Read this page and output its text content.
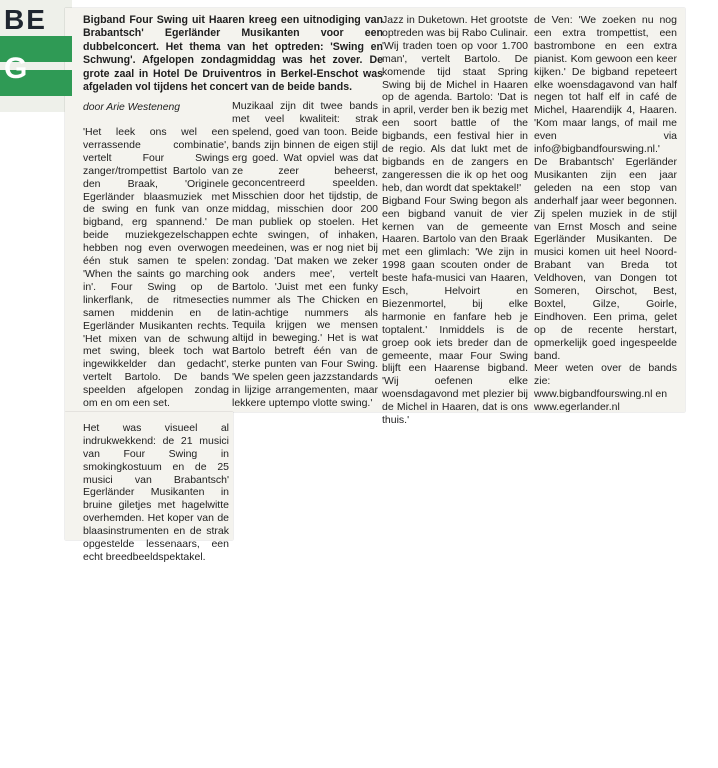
BE
G

Bigband Four Swing uit Haaren kreeg een uitnodiging van Brabantsch' Egerländer Musikanten voor een dubbelconcert. Het thema van het optreden: 'Swing en Schwung'. Afgelopen zondagmiddag was het zover. De grote zaal in Hotel De Druiventros in Berkel-Enschot was afgeladen vol tijdens het concert van de beide bands.

door Arie Westeneng

'Het leek ons wel een verrassende combinatie', vertelt Four Swings zanger/trompettist Bartolo van den Braak, 'Originele Egerländer blaasmuziek met de swing en funk van onze bigband, erg spannend.' De beide muziekgezelschappen hebben nog even overwogen één stuk samen te spelen: 'When the saints go marching in'. Four Swing op de linkerflank, de ritmesecties samen middenin en de Egerländer Musikanten rechts. 'Het mixen van de schwung met swing, bleek toch wat ingewikkelder dan gedacht', vertelt Bartolo. De bands speelden afgelopen zondag om en om een set.

Het was visueel al indrukwekkend: de 21 musici van Four Swing in smokingkostuum en de 25 musici van Brabantsch' Egerländer Musikanten in bruine giletjes met hagelwitte overhemden. Het koper van de blaasinstrumenten en de strak opgestelde lessenaars, een echt breedbeeldspektakel.

Muzikaal zijn dit twee bands met veel kwaliteit: strak spelend, goed van toon. Beide bands zijn binnen de eigen stijl erg goed. Wat opviel was dat ze zeer beheerst, geconcentreerd speelden. Misschien door het tijdstip, de middag, misschien door 200 man publiek op stoelen. Het echte swingen, of inhaken, meedeinen, was er nog niet bij zondag. 'Dat maken we zeker ook anders mee', vertelt Bartolo. 'Juist met een funky nummer als The Chicken en latin-achtige nummers als Tequila krijgen we mensen altijd in beweging.' Het is wat Bartolo betreft één van de sterke punten van Four Swing. 'We spelen geen jazzstandards in lijzige arrangementen, maar lekkere uptempo vlotte swing.'

Jazz in Duketown. Het grootste optreden was bij Rabo Culinair. 'Wij traden toen op voor 1.700 man', vertelt Bartolo. De komende tijd staat Spring Swing bij de Michel in Haaren op de agenda. Bartolo: 'Dat is in april, verder ben ik bezig met een soort battle of the bigbands, een festival hier in de regio. Als dat lukt met de bigbands en de zangers en zangeressen die ik op het oog heb, dan wordt dat spektakel!'

Bigband Four Swing begon als een bigband vanuit de vier kernen van de gemeente Haaren. Bartolo van den Braak met een glimlach: 'We zijn in 1998 gaan scouten onder de beste hafa-musici van Haaren, Esch, Helvoirt en Biezenmortel, bij elke harmonie en fanfare heb je toptalent.' Inmiddels is de groep ook iets breder dan de gemeente, maar Four Swing blijft een Haarense bigband. 'Wij oefenen elke woensdagavond met plezier bij de Michel in Haaren, dat is ons thuis.'

de Ven: 'We zoeken nu nog een extra trompettist, een bastrombone en een extra pianist. Kom gewoon een keer kijken.' De bigband repeteert elke woensdagavond van half negen tot half elf in café de Michel, Haarendijk 4, Haaren. 'Kom maar langs, of mail me even via info@bigbandfourswing.nl.'

De Brabantsch' Egerländer Musikanten zijn een jaar geleden na een stop van anderhalf jaar weer begonnen. Zij spelen muziek in de stijl van Ernst Mosch and seine Egerländer Musikanten. De musici komen uit heel Noord-Brabant van Breda tot Veldhoven, van Dongen tot Someren, Oirschot, Best, Boxtel, Gilze, Goirle, Eindhoven. Een prima, gelet op de recente herstart, opmerkelijk goed ingespeelde band.

Meer weten over de bands zie:

www.bigbandfourswing.nl en
www.egerlander.nl
